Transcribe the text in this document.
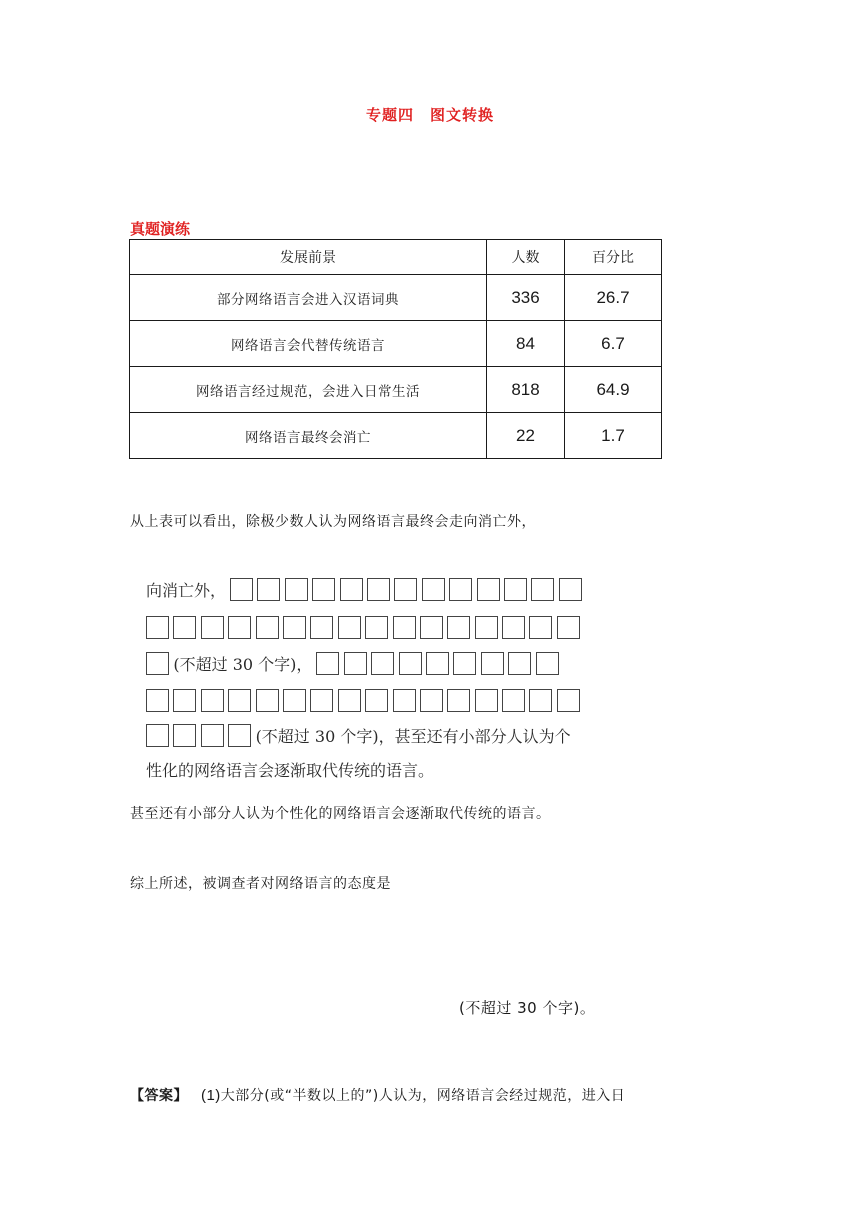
专题四　图文转换
真题演练
发展前景	人数	百分比
部分网络语言会进入汉语词典	336	26.7
网络语言会代替传统语言	84	6.7
网络语言经过规范，会进入日常生活	818	64.9
网络语言最终会消亡	22	1.7
从上表可以看出，除极少数人认为网络语言最终会走向消亡外，
向消亡外，
(不超过 30 个字)，
(不超过 30 个字)，甚至还有小部分人认为个
性化的网络语言会逐渐取代传统的语言。
甚至还有小部分人认为个性化的网络语言会逐渐取代传统的语言。
综上所述，被调查者对网络语言的态度是
(不超过 30 个字)。
【答案】 (1)大部分(或“半数以上的”)人认为，网络语言会经过规范，进入日
